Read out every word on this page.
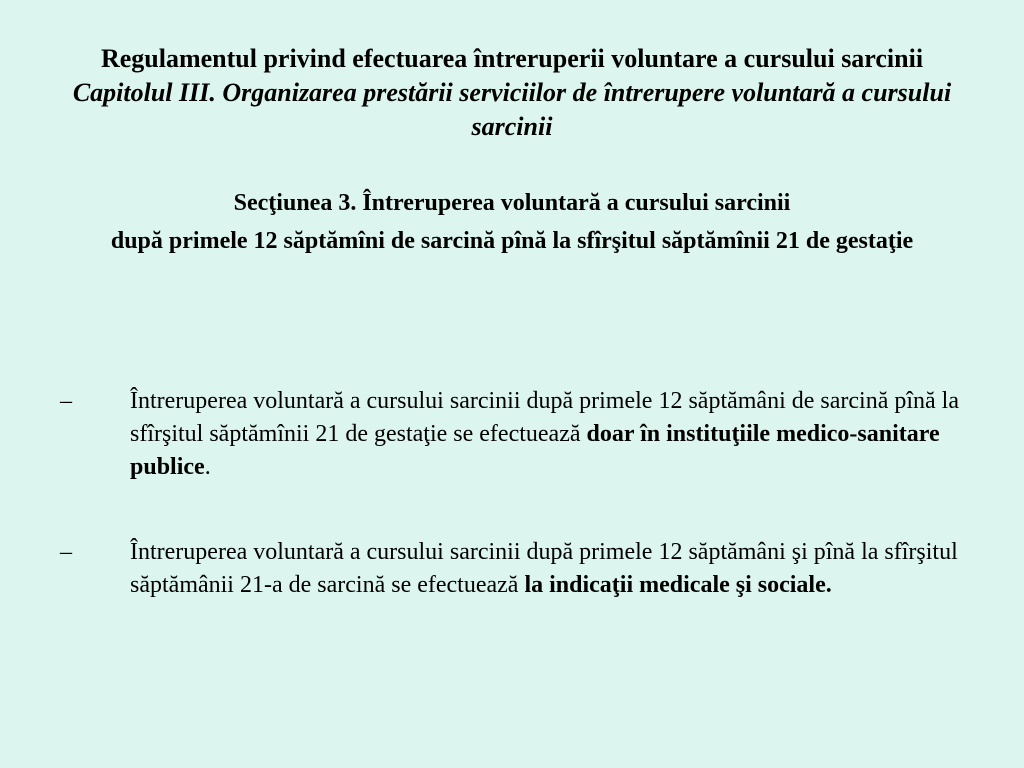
Regulamentul privind efectuarea întreruperii voluntare a cursului sarcinii
Capitolul III. Organizarea prestării serviciilor de întrerupere voluntară a cursului sarcinii
Secţiunea 3. Întreruperea voluntară a cursului sarcinii
după primele 12 săptămîni de sarcină pînă la sfîrşitul săptămînii 21 de gestaţie
– Întreruperea voluntară a cursului sarcinii după primele 12 săptămâni de sarcină pînă la sfîrşitul săptămînii 21 de gestaţie se efectuează doar în instituţiile medico-sanitare publice.
– Întreruperea voluntară a cursului sarcinii după primele 12 săptămâni şi pînă la sfîrşitul săptămânii 21-a de sarcină se efectuează la indicaţii medicale şi sociale.
